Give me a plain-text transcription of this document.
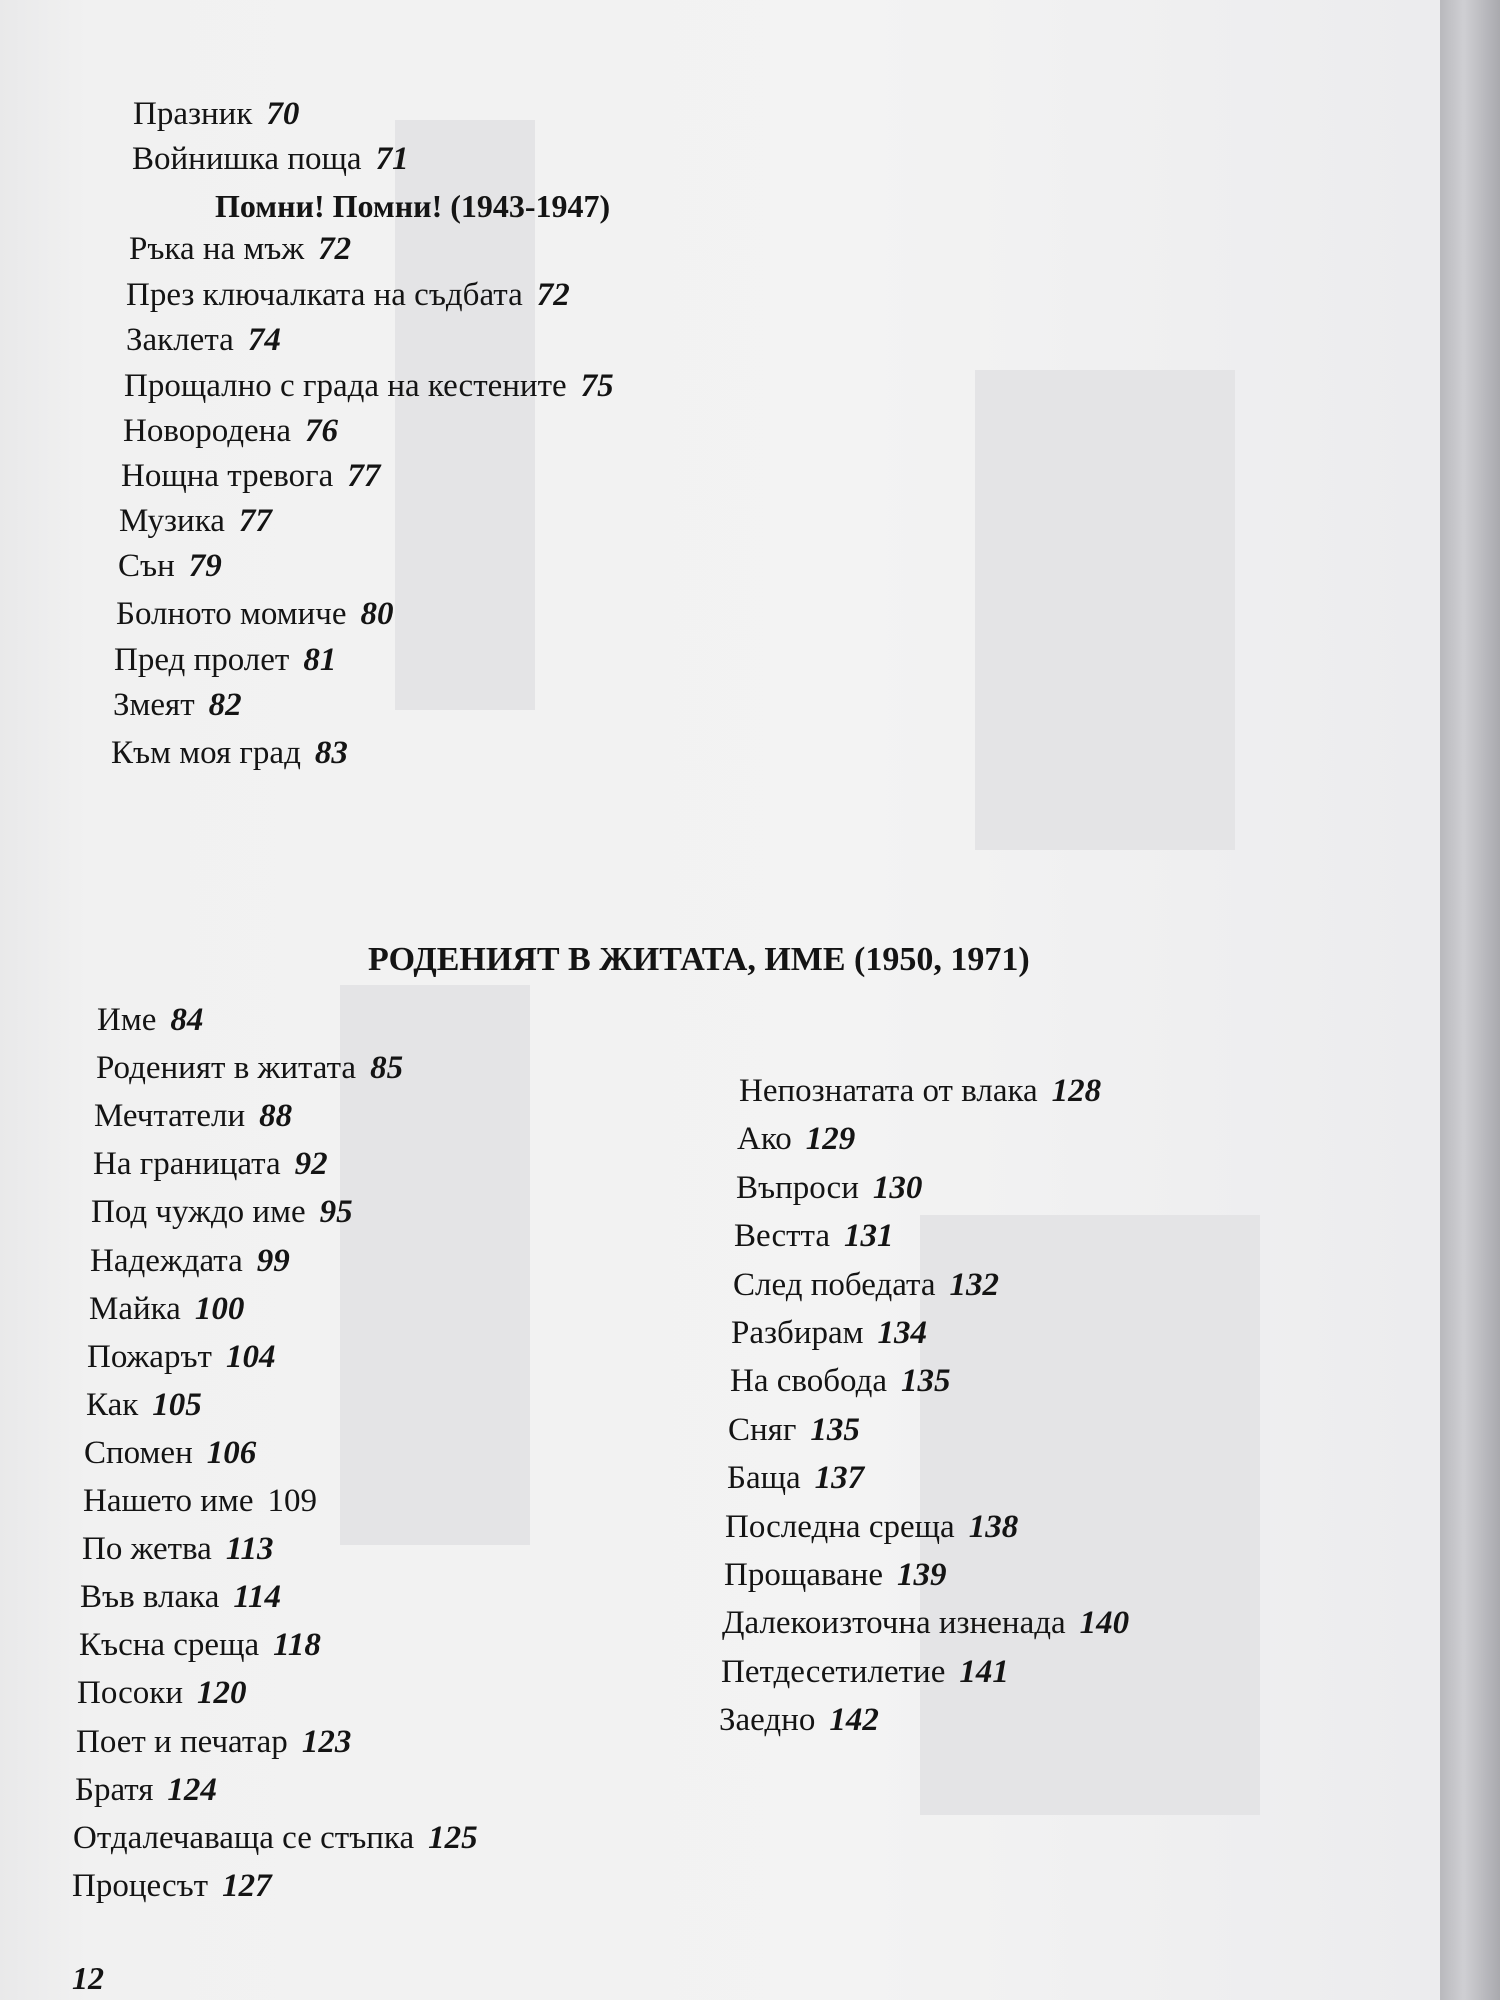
Помни! Помни! (1943-1947)
РОДЕНИЯТ В ЖИТАТА, ИМЕ (1950, 1971)
12
Празник 70
Войнишка поща 71
Ръка на мъж 72
През ключалката на съдбата 72
Заклета 74
Прощално с града на кестените 75
Новородена 76
Нощна тревога 77
Музика 77
Сън 79
Болното момиче 80
Пред пролет 81
Змеят 82
Към моя град 83
Име 84
Роденият в житата 85
Мечтатели 88
На границата 92
Под чуждо име 95
Надеждата 99
Майка 100
Пожарът 104
Как 105
Спомен 106
Нашето име 109
По жетва 113
Във влака 114
Късна среща 118
Посоки 120
Поет и печатар 123
Братя 124
Отдалечаваща се стъпка 125
Процесът 127
Непознатата от влака 128
Ако 129
Въпроси 130
Вестта 131
След победата 132
Разбирам 134
На свобода 135
Сняг 135
Баща 137
Последна среща 138
Прощаване 139
Далекоизточна изненада 140
Петдесетилетие 141
Заедно 142
